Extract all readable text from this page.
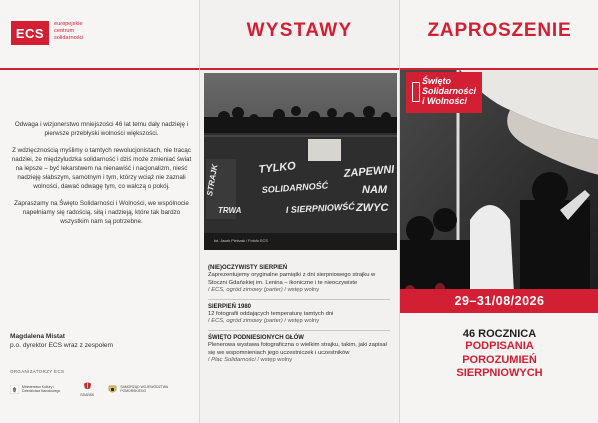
ECS
europejskie
centrum
solidarności

Odwaga i wizjonerstwo mniejszości 46 lat temu dały nadzieję i pierwsze przebłyski wolności większości.

Z wdzięcznością myślimy o tamtych rewolucjonistach, nie tracąc nadziei, że międzyludzka solidarność i dziś może zmieniać świat na lepsze – być lekarstwem na nienawiść i nacjonalizm, nieść nadzieję słabszym, samotnym i tym, którzy wciąż nie zaznali wolności, dawać odwagę tym, co walczą o pokój.

Zapraszamy na Święto Solidarności i Wolności, we wspólnocie napełniamy się radością, siłą i nadzieją, które tak bardzo wszystkim nam są potrzebne.

Magdalena Mistat
p.o. dyrektor ECS wraz z zespołem
ORGANIZATORZY ECS
Ministerstwo Kultury i Dziedzictwa Narodowego
GDAŃSK
SAMORZĄD WOJEWÓDZTWA POMORSKIEGO
WYSTAWY
TYLKO
SOLIDARNOŚĆ
I SIERPNIOWŚĆ
ZAPEWNI
NAM
ZWYC
STRAJK
TRWA
fot. Jacek Pietrzak / Fotofo ECS
(NIE)OCZYWISTY SIERPIEŃ
Zaprezentujemy oryginalne pamiątki z dni sierpniowego strajku w Stoczni Gdańskiej im. Lenina – ikoniczne i te nieoczywiste
/ ECS, ogród zimowy (parter) / wstęp wolny
SIERPIEŃ 1980
12 fotografii oddających temperaturę tamtych dni
/ ECS, ogród zimowy (parter) / wstęp wolny
ŚWIĘTO PODNIESIONYCH GŁÓW
Plenerowa wystawa fotograficzna o wielkim strajku, takim, jaki zapisał się we wspomnieniach jego uczestniczek i uczestników
/ Plac Solidarności / wstęp wolny
ZAPROSZENIE
Święto
Solidarności
i Wolności
29–31/08/2026
46 ROCZNICA
PODPISANIA
POROZUMIEŃ
SIERPNIOWYCH
